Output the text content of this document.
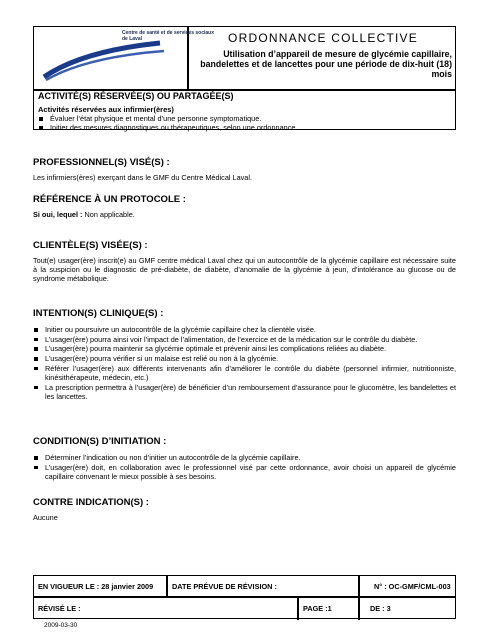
Centre de santé et de services sociaux
de Laval	ORDONNANCE COLLECTIVE
Utilisation d’appareil de mesure de glycémie capillaire, bandelettes et de lancettes pour une période de dix-huit (18) mois
ACTIVITÉ(S) RÉSERVÉE(S) OU PARTAGÉE(S)
Activités réservées aux infirmier(ères)
Évaluer l’état physique et mental d’une personne symptomatique.
Initier des mesures diagnostiques ou thérapeutiques, selon une ordonnance
PROFESSIONNEL(S) VISÉ(S) :

Les infirmiers(ères) exerçant dans le GMF du Centre Médical Laval.

RÉFÉRENCE À UN PROTOCOLE :

Si oui, lequel : Non applicable.

CLIENTÈLE(S) VISÉE(S) :

Tout(e) usager(ère) inscrit(e) au GMF centre médical Laval chez qui un autocontrôle de la glycémie capillaire est nécessaire suite à la suspicion ou le diagnostic de pré-diabète, de diabète, d’anomalie de la glycémie à jeun, d’intolérance au glucose ou de syndrome métabolique.

INTENTION(S) CLINIQUE(S) :
Initier ou poursuivre un autocontrôle de la glycémie capillaire chez la clientèle visée.
L’usager(ère) pourra ainsi voir l’impact de l’alimentation, de l’exercice et de la médication sur le contrôle du diabète.
L’usager(ère) pourra maintenir sa glycémie optimale et prévenir ainsi les complications reliées au diabète.
L’usager(ère) pourra vérifier si un malaise est relié ou non à la glycémie.
Référer l’usager(ère) aux différents intervenants afin d’améliorer le contrôle du diabète (personnel infirmier, nutritionniste, kinésithérapeute, médecin, etc.)
La prescription permettra à l’usager(ère) de bénéficier d’un remboursement d’assurance pour le glucomètre, les bandelettes et les lancettes.
CONDITION(S) D’INITIATION :
Déterminer l’indication ou non d’initier un autocontrôle de la glycémie capillaire.
L’usager(ère) doit, en collaboration avec le professionnel visé par cette ordonnance, avoir choisi un appareil de glycémie capillaire convenant le mieux possible à ses besoins.
CONTRE INDICATION(S) :

Aucune

EN VIGUEUR LE : 28 janvier 2009	DATE PRÉVUE DE RÉVISION :	N° : OC-GMF/CML-003
RÉVISÉ LE :	PAGE :1	DE : 3
2009-03-30
